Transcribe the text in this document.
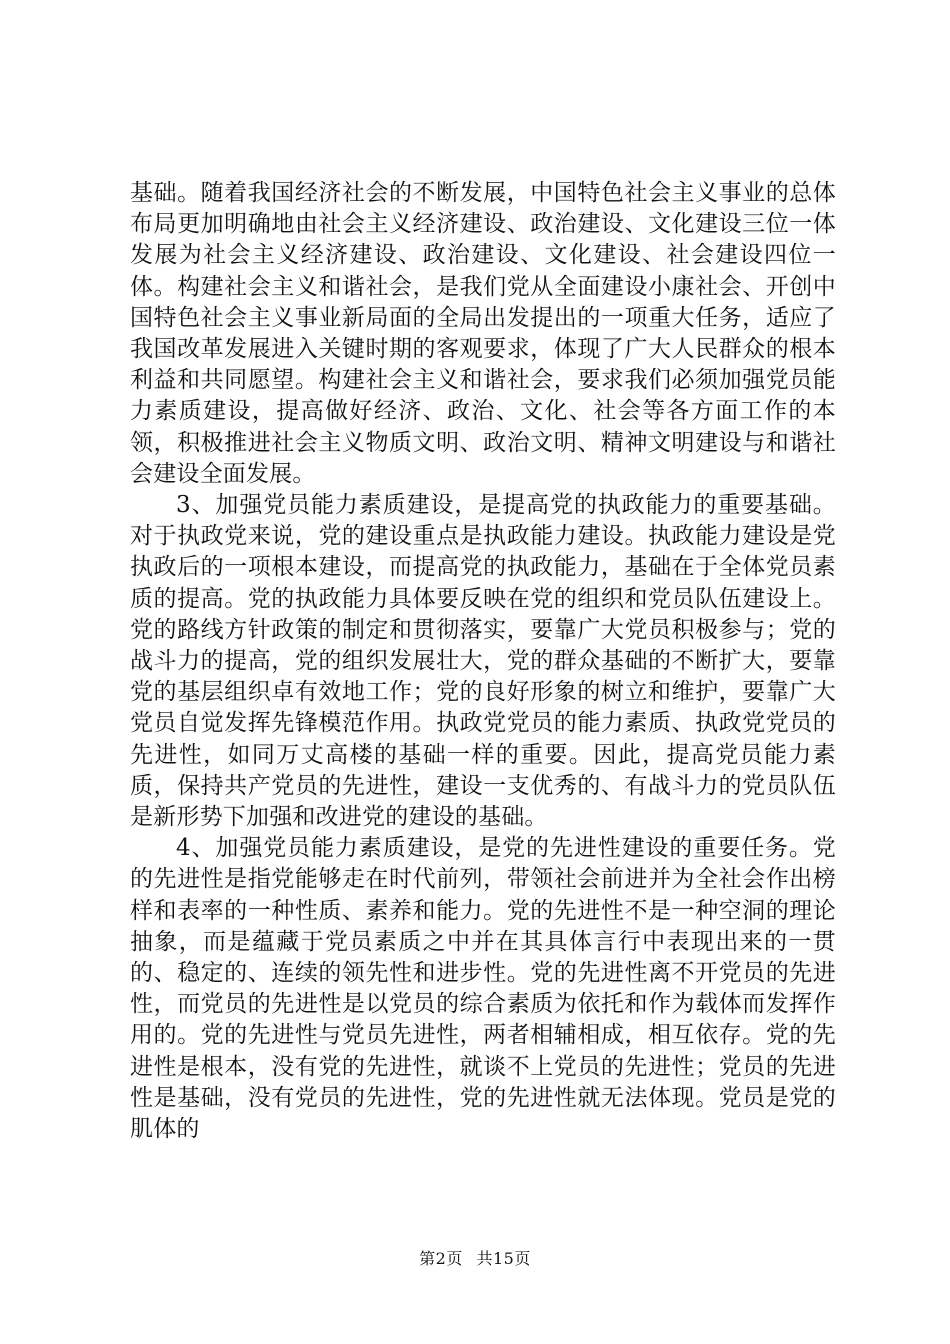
基础。随着我国经济社会的不断发展，中国特色社会主义事业的总体布局更加明确地由社会主义经济建设、政治建设、文化建设三位一体发展为社会主义经济建设、政治建设、文化建设、社会建设四位一体。构建社会主义和谐社会，是我们党从全面建设小康社会、开创中国特色社会主义事业新局面的全局出发提出的一项重大任务，适应了我国改革发展进入关键时期的客观要求，体现了广大人民群众的根本利益和共同愿望。构建社会主义和谐社会，要求我们必须加强党员能力素质建设，提高做好经济、政治、文化、社会等各方面工作的本领，积极推进社会主义物质文明、政治文明、精神文明建设与和谐社会建设全面发展。

3、加强党员能力素质建设，是提高党的执政能力的重要基础。对于执政党来说，党的建设重点是执政能力建设。执政能力建设是党执政后的一项根本建设，而提高党的执政能力，基础在于全体党员素质的提高。党的执政能力具体要反映在党的组织和党员队伍建设上。党的路线方针政策的制定和贯彻落实，要靠广大党员积极参与；党的战斗力的提高，党的组织发展壮大，党的群众基础的不断扩大，要靠党的基层组织卓有效地工作；党的良好形象的树立和维护，要靠广大党员自觉发挥先锋模范作用。执政党党员的能力素质、执政党党员的先进性，如同万丈高楼的基础一样的重要。因此，提高党员能力素质，保持共产党员的先进性，建设一支优秀的、有战斗力的党员队伍是新形势下加强和改进党的建设的基础。

4、加强党员能力素质建设，是党的先进性建设的重要任务。党的先进性是指党能够走在时代前列，带领社会前进并为全社会作出榜样和表率的一种性质、素养和能力。党的先进性不是一种空洞的理论抽象，而是蕴藏于党员素质之中并在其具体言行中表现出来的一贯的、稳定的、连续的领先性和进步性。党的先进性离不开党员的先进性，而党员的先进性是以党员的综合素质为依托和作为载体而发挥作用的。党的先进性与党员先进性，两者相辅相成，相互依存。党的先进性是根本，没有党的先进性，就谈不上党员的先进性；党员的先进性是基础，没有党员的先进性，党的先进性就无法体现。党员是党的肌体的

第2页 共15页
